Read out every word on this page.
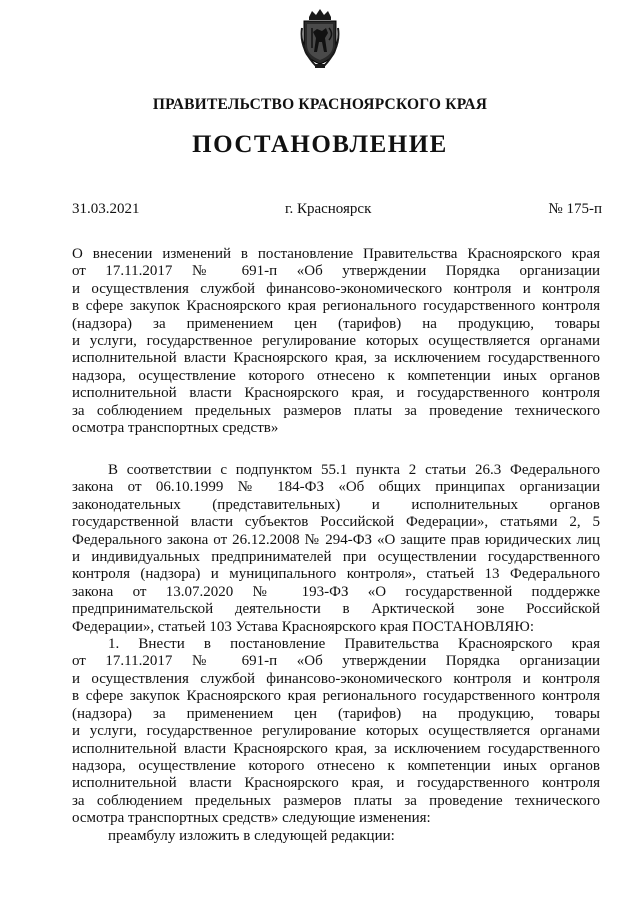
ПРАВИТЕЛЬСТВО КРАСНОЯРСКОГО КРАЯ
ПОСТАНОВЛЕНИЕ
31.03.2021	г. Красноярск	№ 175-п

О внесении изменений в постановление Правительства Красноярского края

от 17.11.2017 № 691-п «Об утверждении Порядка организации

и осуществления службой финансово-экономического контроля и контроля

в сфере закупок Красноярского края регионального государственного контроля

(надзора) за применением цен (тарифов) на продукцию, товары

и услуги, государственное регулирование которых осуществляется органами

исполнительной власти Красноярского края, за исключением государственного

надзора, осуществление которого отнесено к компетенции иных органов

исполнительной власти Красноярского края, и государственного контроля

за соблюдением предельных размеров платы за проведение технического

осмотра транспортных средств»

В соответствии с подпунктом 55.1 пункта 2 статьи 26.3 Федерального

закона от 06.10.1999 № 184-ФЗ «Об общих принципах организации

законодательных (представительных) и исполнительных органов

государственной власти субъектов Российской Федерации», статьями 2, 5

Федерального закона от 26.12.2008 № 294-ФЗ «О защите прав юридических лиц

и индивидуальных предпринимателей при осуществлении государственного

контроля (надзора) и муниципального контроля», статьей 13 Федерального

закона от 13.07.2020 № 193-ФЗ «О государственной поддержке

предпринимательской деятельности в Арктической зоне Российской

Федерации», статьей 103 Устава Красноярского края ПОСТАНОВЛЯЮ:

1. Внести в постановление Правительства Красноярского края

от 17.11.2017 № 691-п «Об утверждении Порядка организации

и осуществления службой финансово-экономического контроля и контроля

в сфере закупок Красноярского края регионального государственного контроля

(надзора) за применением цен (тарифов) на продукцию, товары

и услуги, государственное регулирование которых осуществляется органами

исполнительной власти Красноярского края, за исключением государственного

надзора, осуществление которого отнесено к компетенции иных органов

исполнительной власти Красноярского края, и государственного контроля

за соблюдением предельных размеров платы за проведение технического

осмотра транспортных средств» следующие изменения:

преамбулу изложить в следующей редакции:
